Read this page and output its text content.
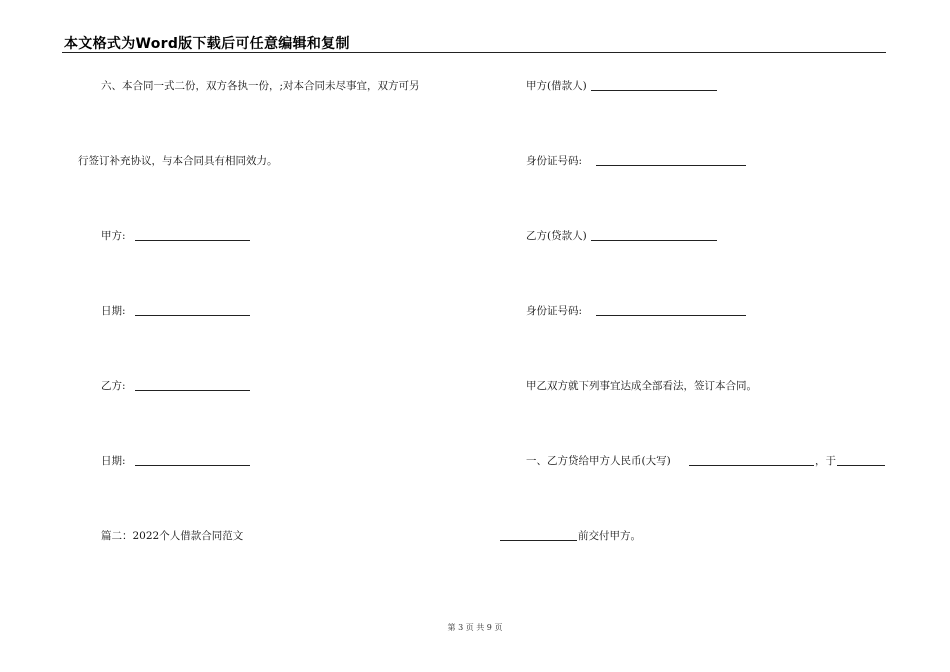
本文格式为Word版下载后可任意编辑和复制
六、本合同一式二份，双方各执一份，;对本合同未尽事宜，双方可另
行签订补充协议，与本合同具有相同效力。
甲方:
日期:
乙方:
日期:
篇二：2022个人借款合同范文
甲方(借款人)
身份证号码:
乙方(贷款人)
身份证号码:
甲乙双方就下列事宜达成全部看法，签订本合同。
一、乙方贷给甲方人民币(大写)	，于
前交付甲方。
第 3 页 共 9 页
